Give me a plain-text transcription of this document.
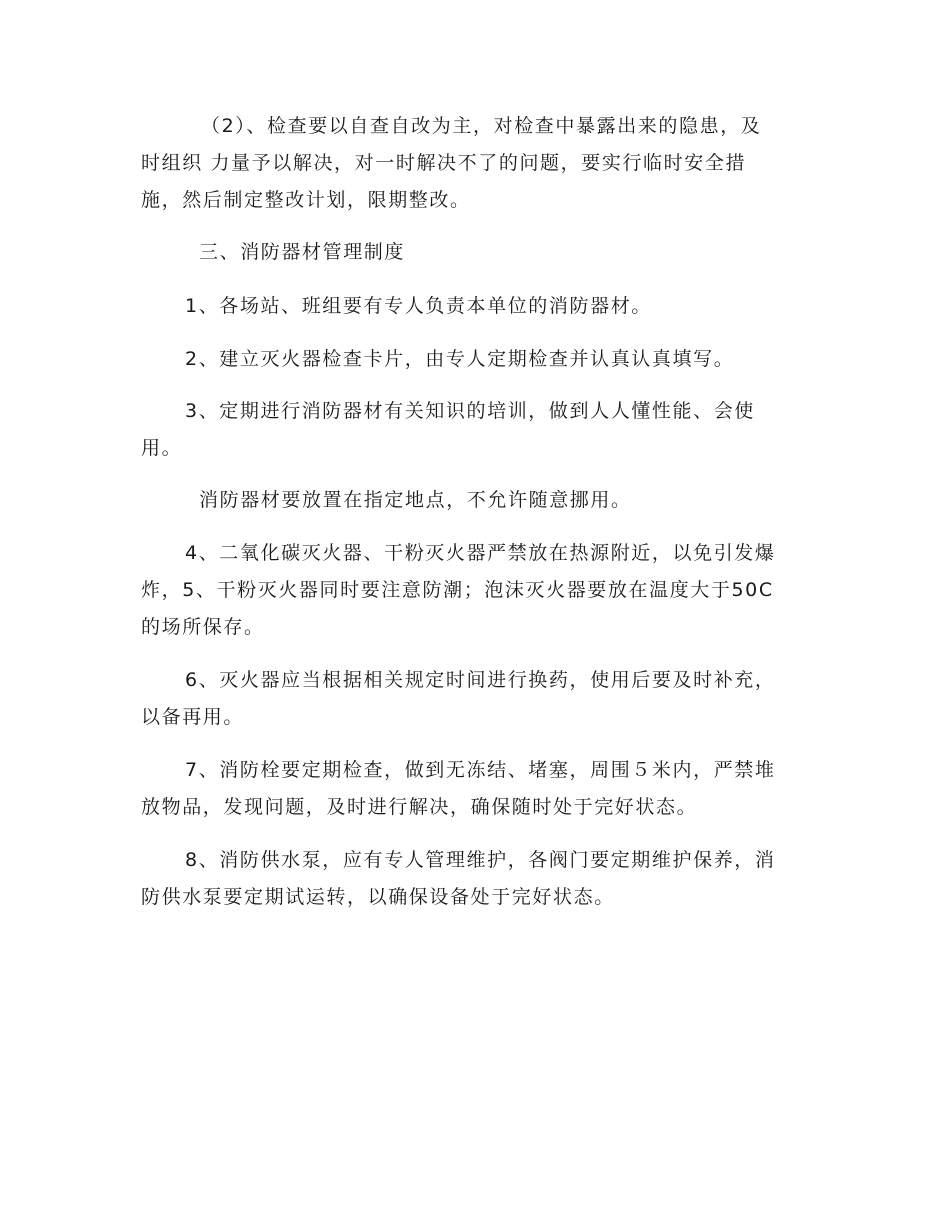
（2）、检查要以自查自改为主，对检查中暴露出来的隐患，及
时组织 力量予以解决，对一时解决不了的问题，要实行临时安全措
施，然后制定整改计划，限期整改。

三、消防器材管理制度

1、各场站、班组要有专人负责本单位的消防器材。

2、建立灭火器检查卡片，由专人定期检查并认真认真填写。

3、定期进行消防器材有关知识的培训，做到人人懂性能、会使
用。

消防器材要放置在指定地点，不允许随意挪用。

4、二氧化碳灭火器、干粉灭火器严禁放在热源附近，以免引发爆
炸，5、干粉灭火器同时要注意防潮；泡沫灭火器要放在温度大于50C
的场所保存。

6、灭火器应当根据相关规定时间进行换药，使用后要及时补充，
以备再用。

7、消防栓要定期检查，做到无冻结、堵塞，周围５米内，严禁堆
放物品，发现问题，及时进行解决，确保随时处于完好状态。

8、消防供水泵，应有专人管理维护，各阀门要定期维护保养，消
防供水泵要定期试运转，以确保设备处于完好状态。
